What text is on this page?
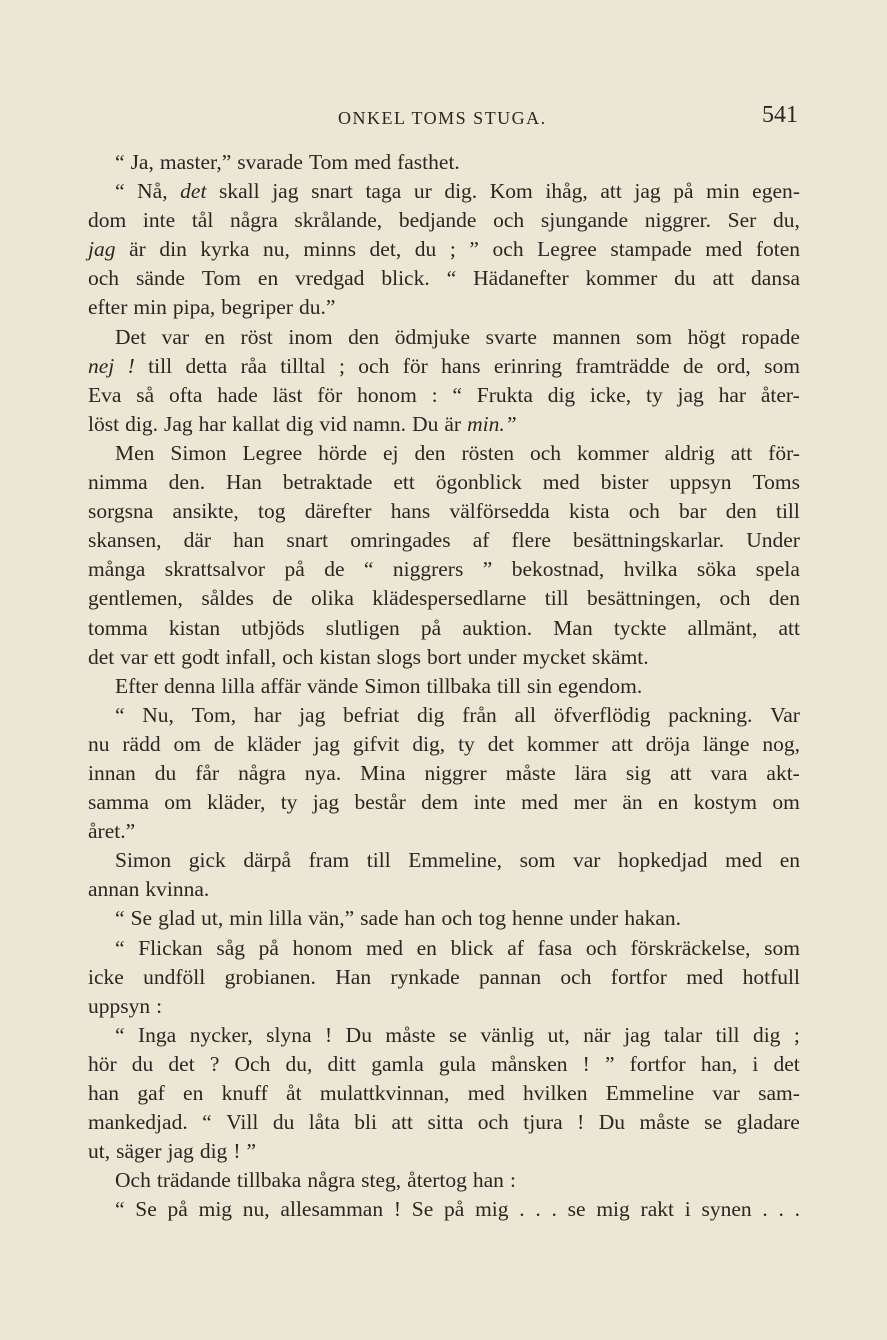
ONKEL TOMS STUGA.	541
“ Ja, master,” svarade Tom med fasthet.
“ Nå, det skall jag snart taga ur dig. Kom ihåg, att jag på min egen-
dom inte tål några skrålande, bedjande och sjungande niggrer. Ser du,
jag är din kyrka nu, minns det, du ; ” och Legree stampade med foten
och sände Tom en vredgad blick. “ Hädanefter kommer du att dansa
efter min pipa, begriper du.”
Det var en röst inom den ödmjuke svarte mannen som högt ropade
nej ! till detta råa tilltal ; och för hans erinring framträdde de ord, som
Eva så ofta hade läst för honom : “ Frukta dig icke, ty jag har åter-
löst dig. Jag har kallat dig vid namn. Du är min.”
Men Simon Legree hörde ej den rösten och kommer aldrig att för-
nimma den. Han betraktade ett ögonblick med bister uppsyn Toms
sorgsna ansikte, tog därefter hans välförsedda kista och bar den till
skansen, där han snart omringades af flere besättningskarlar. Under
många skrattsalvor på de “ niggrers ” bekostnad, hvilka söka spela
gentlemen, såldes de olika klädespersedlarne till besättningen, och den
tomma kistan utbjöds slutligen på auktion. Man tyckte allmänt, att
det var ett godt infall, och kistan slogs bort under mycket skämt.
Efter denna lilla affär vände Simon tillbaka till sin egendom.
“ Nu, Tom, har jag befriat dig från all öfverflödig packning. Var
nu rädd om de kläder jag gifvit dig, ty det kommer att dröja länge nog,
innan du får några nya. Mina niggrer måste lära sig att vara akt-
samma om kläder, ty jag består dem inte med mer än en kostym om
året.”
Simon gick därpå fram till Emmeline, som var hopkedjad med en
annan kvinna.
“ Se glad ut, min lilla vän,” sade han och tog henne under hakan.
“ Flickan såg på honom med en blick af fasa och förskräckelse, som
icke undföll grobianen. Han rynkade pannan och fortfor med hotfull
uppsyn :
“ Inga nycker, slyna ! Du måste se vänlig ut, när jag talar till dig ;
hör du det ? Och du, ditt gamla gula månsken ! ” fortfor han, i det
han gaf en knuff åt mulattkvinnan, med hvilken Emmeline var sam-
mankedjad. “ Vill du låta bli att sitta och tjura ! Du måste se gladare
ut, säger jag dig ! ”
Och trädande tillbaka några steg, återtog han :
“ Se på mig nu, allesamman ! Se på mig . . . se mig rakt i synen . . .
